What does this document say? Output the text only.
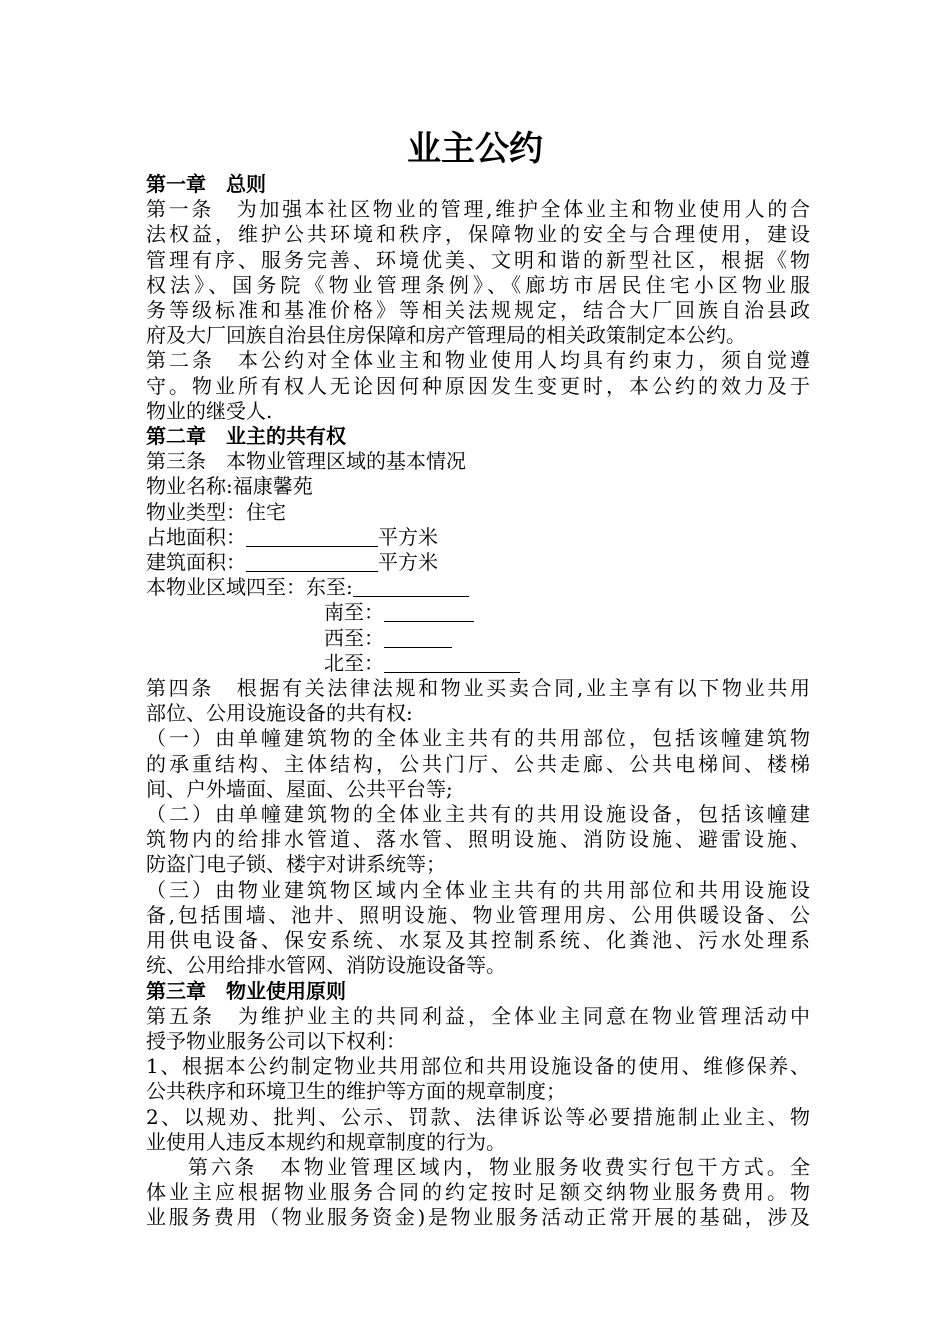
业主公约
第一章　总则
第一条　为加强本社区物业的管理,维护全体业主和物业使用人的合
法权益，维护公共环境和秩序，保障物业的安全与合理使用，建设
管理有序、服务完善、环境优美、文明和谐的新型社区，根据《物
权法》、国务院《物业管理条例》、《廊坊市居民住宅小区物业服
务等级标准和基准价格》等相关法规规定，结合大厂回族自治县政
府及大厂回族自治县住房保障和房产管理局的相关政策制定本公约。
第二条　本公约对全体业主和物业使用人均具有约束力，须自觉遵
守。物业所有权人无论因何种原因发生变更时，本公约的效力及于
物业的继受人.
第二章　业主的共有权
第三条　本物业管理区域的基本情况
物业名称:福康馨苑
物业类型：住宅
占地面积：	平方米
建筑面积：	平方米
本物业区域四至：东至:
南至：
西至：
北至：
第四条　根据有关法律法规和物业买卖合同,业主享有以下物业共用
部位、公用设施设备的共有权:
（一）由单幢建筑物的全体业主共有的共用部位，包括该幢建筑物
的承重结构、主体结构，公共门厅、公共走廊、公共电梯间、楼梯
间、户外墙面、屋面、公共平台等;
（二）由单幢建筑物的全体业主共有的共用设施设备，包括该幢建
筑物内的给排水管道、落水管、照明设施、消防设施、避雷设施、
防盗门电子锁、楼宇对讲系统等；
（三）由物业建筑物区域内全体业主共有的共用部位和共用设施设
备,包括围墙、池井、照明设施、物业管理用房、公用供暖设备、公
用供电设备、保安系统、水泵及其控制系统、化粪池、污水处理系
统、公用给排水管网、消防设施设备等。
第三章　物业使用原则
第五条　为维护业主的共同利益，全体业主同意在物业管理活动中
授予物业服务公司以下权利：
1、根据本公约制定物业共用部位和共用设施设备的使用、维修保养、
公共秩序和环境卫生的维护等方面的规章制度；
2、以规劝、批判、公示、罚款、法律诉讼等必要措施制止业主、物
业使用人违反本规约和规章制度的行为。
第六条　本物业管理区域内，物业服务收费实行包干方式。全
体业主应根据物业服务合同的约定按时足额交纳物业服务费用。物
业服务费用（物业服务资金)是物业服务活动正常开展的基础，涉及
